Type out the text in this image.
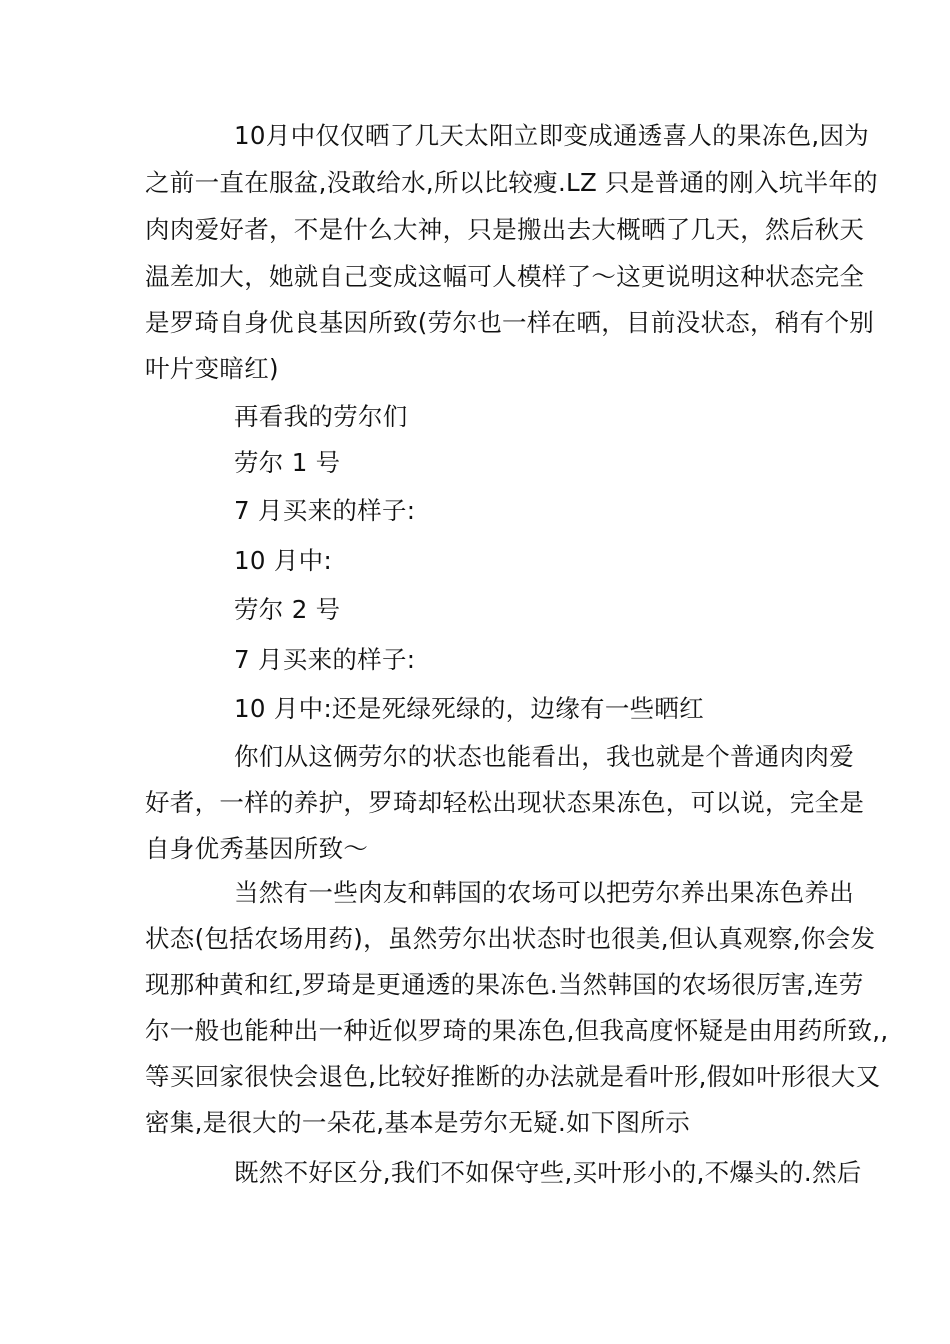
10月中仅仅晒了几天太阳立即变成通透喜人的果冻色,因为
之前一直在服盆,没敢给水,所以比较瘦.LZ 只是普通的刚入坑半年的
肉肉爱好者，不是什么大神，只是搬出去大概晒了几天，然后秋天
温差加大，她就自己变成这幅可人模样了～这更说明这种状态完全
是罗琦自身优良基因所致(劳尔也一样在晒，目前没状态，稍有个别
叶片变暗红)
再看我的劳尔们
劳尔 1 号
7 月买来的样子:
10 月中:
劳尔 2 号
7 月买来的样子:
10 月中:还是死绿死绿的，边缘有一些晒红
你们从这俩劳尔的状态也能看出，我也就是个普通肉肉爱
好者，一样的养护，罗琦却轻松出现状态果冻色，可以说，完全是
自身优秀基因所致～
当然有一些肉友和韩国的农场可以把劳尔养出果冻色养出
状态(包括农场用药)，虽然劳尔出状态时也很美,但认真观察,你会发
现那种黄和红,罗琦是更通透的果冻色.当然韩国的农场很厉害,连劳
尔一般也能种出一种近似罗琦的果冻色,但我高度怀疑是由用药所致,,
等买回家很快会退色,比较好推断的办法就是看叶形,假如叶形很大又
密集,是很大的一朵花,基本是劳尔无疑.如下图所示
既然不好区分,我们不如保守些,买叶形小的,不爆头的.然后
